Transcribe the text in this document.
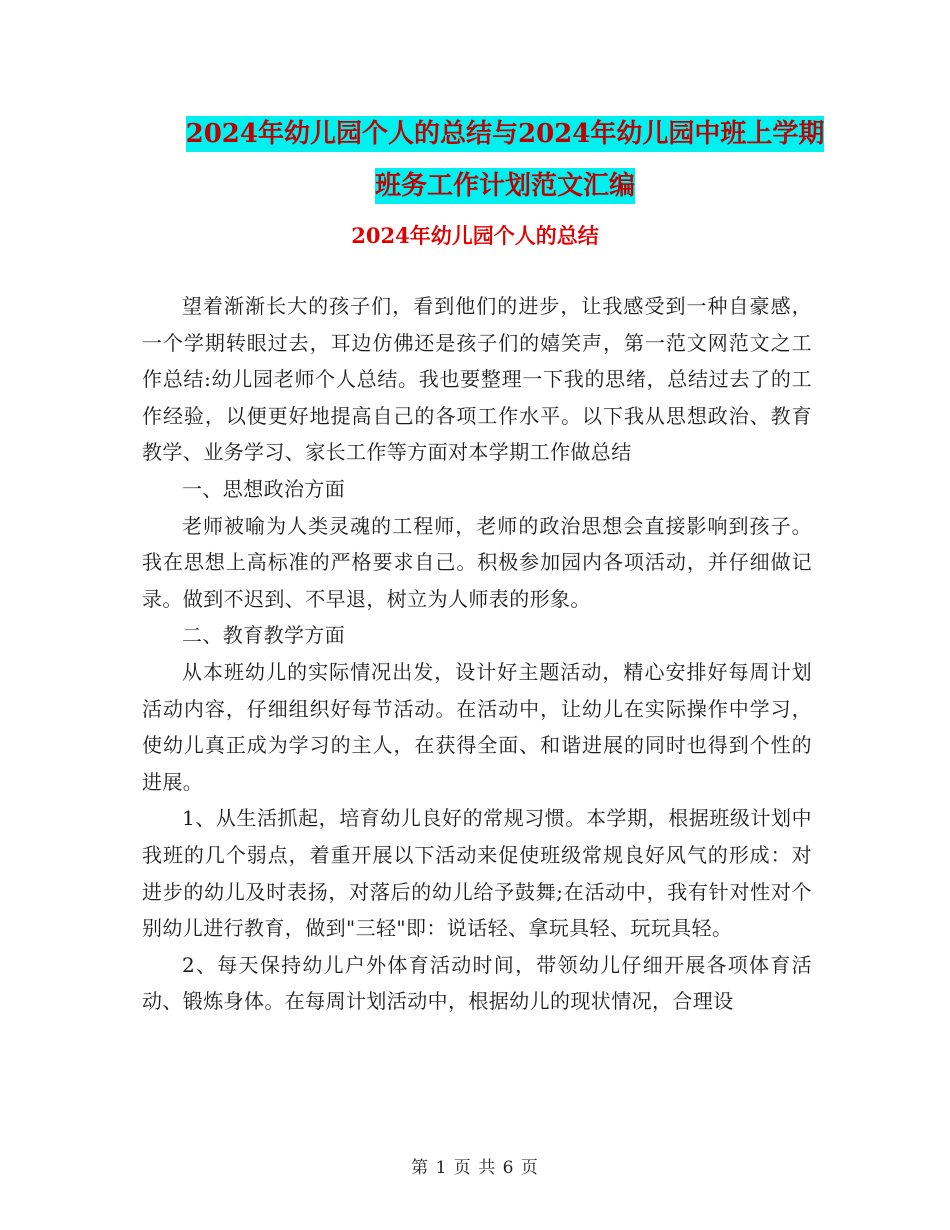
2024年幼儿园个人的总结与2024年幼儿园中班上学期
班务工作计划范文汇编
2024年幼儿园个人的总结

望着渐渐长大的孩子们，看到他们的进步，让我感受到一种自豪感，一个学期转眼过去，耳边仿佛还是孩子们的嬉笑声，第一范文网范文之工作总结:幼儿园老师个人总结。我也要整理一下我的思绪，总结过去了的工作经验，以便更好地提高自己的各项工作水平。以下我从思想政治、教育教学、业务学习、家长工作等方面对本学期工作做总结

一、思想政治方面

老师被喻为人类灵魂的工程师，老师的政治思想会直接影响到孩子。我在思想上高标准的严格要求自己。积极参加园内各项活动，并仔细做记录。做到不迟到、不早退，树立为人师表的形象。

二、教育教学方面

从本班幼儿的实际情况出发，设计好主题活动，精心安排好每周计划活动内容，仔细组织好每节活动。在活动中，让幼儿在实际操作中学习，使幼儿真正成为学习的主人，在获得全面、和谐进展的同时也得到个性的进展。

1、从生活抓起，培育幼儿良好的常规习惯。本学期，根据班级计划中我班的几个弱点，着重开展以下活动来促使班级常规良好风气的形成：对进步的幼儿及时表扬，对落后的幼儿给予鼓舞;在活动中，我有针对性对个别幼儿进行教育，做到"三轻"即：说话轻、拿玩具轻、玩玩具轻。

2、每天保持幼儿户外体育活动时间，带领幼儿仔细开展各项体育活动、锻炼身体。在每周计划活动中，根据幼儿的现状情况，合理设

第 1 页 共 6 页
